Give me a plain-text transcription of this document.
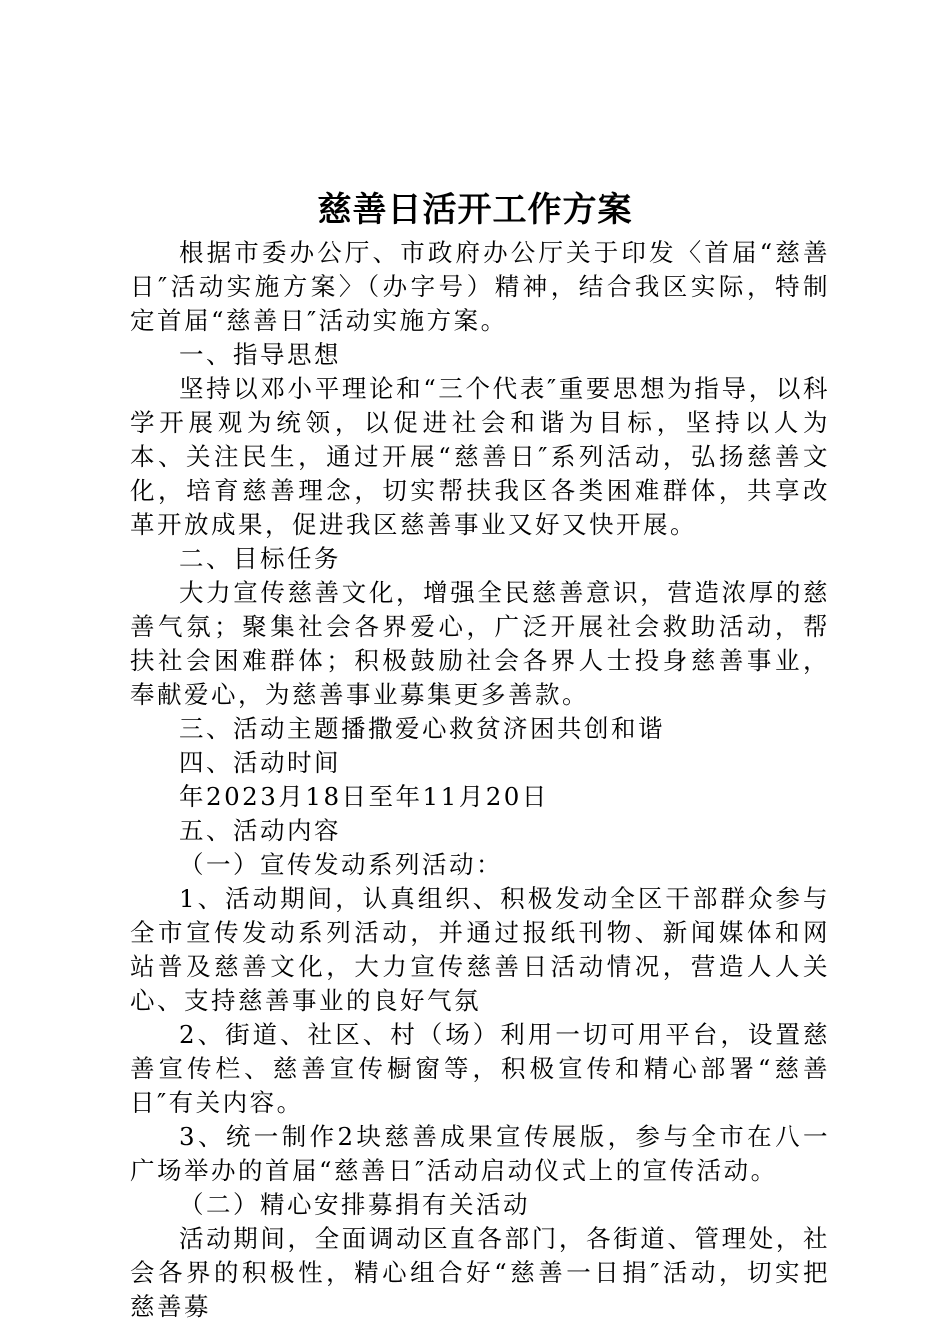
慈善日活开工作方案

根据市委办公厅、市政府办公厅关于印发〈首届“慈善日″活动实施方案〉（办字号）精神，结合我区实际，特制定首届“慈善日″活动实施方案。

一、指导思想

坚持以邓小平理论和“三个代表″重要思想为指导，以科学开展观为统领，以促进社会和谐为目标，坚持以人为本、关注民生，通过开展“慈善日″系列活动，弘扬慈善文化，培育慈善理念，切实帮扶我区各类困难群体，共享改革开放成果，促进我区慈善事业又好又快开展。

二、目标任务

大力宣传慈善文化，增强全民慈善意识，营造浓厚的慈善气氛；聚集社会各界爱心，广泛开展社会救助活动，帮扶社会困难群体；积极鼓励社会各界人士投身慈善事业，奉献爱心，为慈善事业募集更多善款。

三、活动主题播撒爱心救贫济困共创和谐

四、活动时间

年2023月18日至年11月20日

五、活动内容

（一）宣传发动系列活动：

1、活动期间，认真组织、积极发动全区干部群众参与全市宣传发动系列活动，并通过报纸刊物、新闻媒体和网站普及慈善文化，大力宣传慈善日活动情况，营造人人关心、支持慈善事业的良好气氛

2、街道、社区、村（场）利用一切可用平台，设置慈善宣传栏、慈善宣传橱窗等，积极宣传和精心部署“慈善日″有关内容。

3、统一制作2块慈善成果宣传展版，参与全市在八一广场举办的首届“慈善日″活动启动仪式上的宣传活动。

（二）精心安排募捐有关活动

活动期间，全面调动区直各部门，各街道、管理处，社会各界的积极性，精心组合好“慈善一日捐″活动，切实把慈善募
